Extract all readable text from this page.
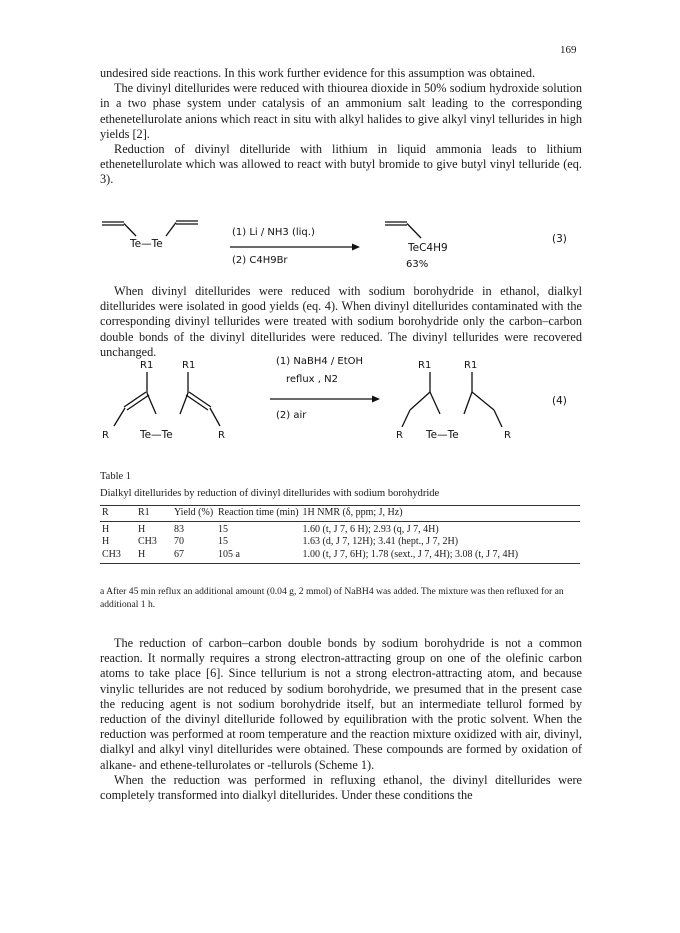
169

undesired side reactions. In this work further evidence for this assumption was obtained.

The divinyl ditellurides were reduced with thiourea dioxide in 50% sodium hydroxide solution in a two phase system under catalysis of an ammonium salt leading to the corresponding ethenetellurolate anions which react in situ with alkyl halides to give alkyl vinyl tellurides in high yields [2].

Reduction of divinyl ditelluride with lithium in liquid ammonia leads to lithium ethenetellurolate which was allowed to react with butyl bromide to give butyl vinyl telluride (eq. 3).

Te—Te
(1) Li / NH3 (liq.)
(2) C4H9Br
TeC4H9
63%
(3)

When divinyl ditellurides were reduced with sodium borohydride in ethanol, dialkyl ditellurides were isolated in good yields (eq. 4). When divinyl ditellurides contaminated with the corresponding divinyl tellurides were treated with sodium borohydride only the carbon–carbon double bonds of the divinyl ditellurides were reduced. The divinyl tellurides were recovered unchanged.

R1	R1
R	Te—Te	R
(1) NaBH4 / EtOH
reflux , N2
(2) air
R1	R1
R Te—Te	R
(4)
Table 1
Dialkyl ditellurides by reduction of divinyl ditellurides with sodium borohydride
R	R1	Yield (%)	Reaction time (min)	1H NMR (δ, ppm; J, Hz)

H	H	83	15	1.60 (t, J 7, 6 H); 2.93 (q, J 7, 4H)
H	CH3	70	15	1.63 (d, J 7, 12H); 3.41 (hept., J 7, 2H)
CH3	H	67	105 a	1.00 (t, J 7, 6H); 1.78 (sext., J 7, 4H); 3.08 (t, J 7, 4H)
a After 45 min reflux an additional amount (0.04 g, 2 mmol) of NaBH4 was added. The mixture was then refluxed for an additional 1 h.

The reduction of carbon–carbon double bonds by sodium borohydride is not a common reaction. It normally requires a strong electron-attracting group on one of the olefinic carbon atoms to take place [6]. Since tellurium is not a strong electron-attracting atom, and because vinylic tellurides are not reduced by sodium borohydride, we presumed that in the present case the reducing agent is not sodium borohydride itself, but an intermediate tellurol formed by reduction of the divinyl ditelluride followed by equilibration with the protic solvent. When the reduction was performed at room temperature and the reaction mixture oxidized with air, divinyl, dialkyl and alkyl vinyl ditellurides were obtained. These compounds are formed by oxidation of alkane- and ethene-tellurolates or -tellurols (Scheme 1).

When the reduction was performed in refluxing ethanol, the divinyl ditellurides were completely transformed into dialkyl ditellurides. Under these conditions the
